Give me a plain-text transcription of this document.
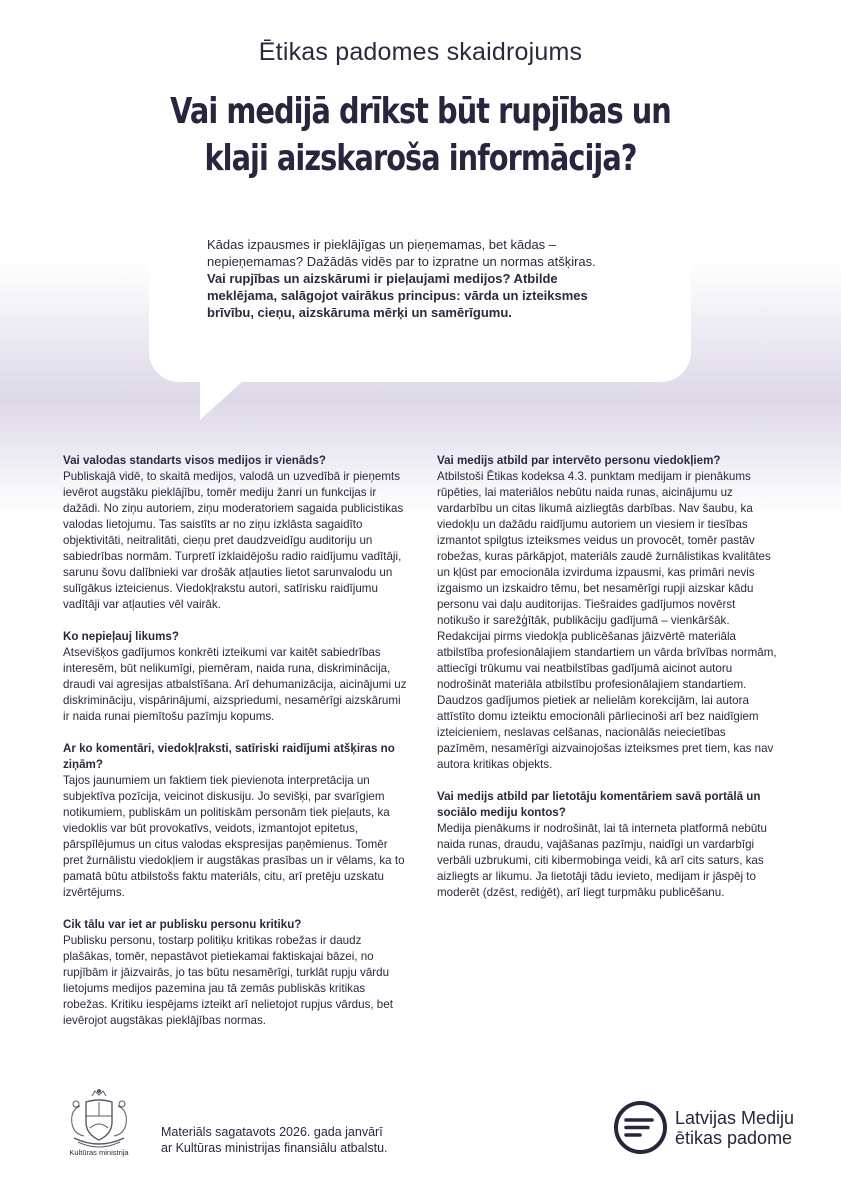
Ētikas padomes skaidrojums
Vai medijā drīkst būt rupjības un klaji aizskaroša informācija?

Kādas izpausmes ir pieklājīgas un pieņemamas, bet kādas – nepieņemamas? Dažādās vidēs par to izpratne un normas atšķiras.

Vai rupjības un aizskārumi ir pieļaujami medijos? Atbilde meklējama, salāgojot vairākus principus: vārda un izteiksmes brīvību, cieņu, aizskāruma mērķi un samērīgumu.

Vai valodas standarts visos medijos ir vienāds?

Publiskajā vidē, to skaitā medijos, valodā un uzvedībā ir pieņemts ievērot augstāku pieklājību, tomēr mediju žanri un funkcijas ir dažādi. No ziņu autoriem, ziņu moderatoriem sagaida publicistikas valodas lietojumu. Tas saistīts ar no ziņu izklāsta sagaidīto objektivitāti, neitralitāti, cieņu pret daudzveidīgu auditoriju un sabiedrības normām. Turpretī izklaidējošu radio raidījumu vadītāji, sarunu šovu dalībnieki var drošāk atļauties lietot sarunvalodu un sulīgākus izteicienus. Viedokļrakstu autori, satīrisku raidījumu vadītāji var atļauties vēl vairāk.

Ko nepieļauj likums?

Atsevišķos gadījumos konkrēti izteikumi var kaitēt sabiedrības interesēm, būt nelikumīgi, piemēram, naida runa, diskriminācija, draudi vai agresijas atbalstīšana. Arī dehumanizācija, aicinājumi uz diskrimināciju, vispārinājumi, aizspriedumi, nesamērīgi aizskārumi ir naida runai piemītošu pazīmju kopums.

Ar ko komentāri, viedokļraksti, satīriski raidījumi atšķiras no ziņām?

Tajos jaunumiem un faktiem tiek pievienota interpretācija un subjektīva pozīcija, veicinot diskusiju. Jo sevišķi, par svarīgiem notikumiem, publiskām un politiskām personām tiek pieļauts, ka viedoklis var būt provokatīvs, veidots, izmantojot epitetus, pārspīlējumus un citus valodas ekspresijas paņēmienus. Tomēr pret žurnālistu viedokļiem ir augstākas prasības un ir vēlams, ka to pamatā būtu atbilstošs faktu materiāls, citu, arī pretēju uzskatu izvērtējums.

Cik tālu var iet ar publisku personu kritiku?

Publisku personu, tostarp politiķu kritikas robežas ir daudz plašākas, tomēr, nepastāvot pietiekamai faktiskajai bāzei, no rupjībām ir jāizvairās, jo tas būtu nesamērīgi, turklāt rupju vārdu lietojums medijos pazemina jau tā zemās publiskās kritikas robežas. Kritiku iespējams izteikt arī nelietojot rupjus vārdus, bet ievērojot augstākas pieklājības normas.

Vai medijs atbild par intervēto personu viedokļiem?

Atbilstoši Ētikas kodeksa 4.3. punktam medijam ir pienākums rūpēties, lai materiālos nebūtu naida runas, aicinājumu uz vardarbību un citas likumā aizliegtās darbības. Nav šaubu, ka viedokļu un dažādu raidījumu autoriem un viesiem ir tiesības izmantot spilgtus izteiksmes veidus un provocēt, tomēr pastāv robežas, kuras pārkāpjot, materiāls zaudē žurnālistikas kvalitātes un kļūst par emocionāla izvirduma izpausmi, kas primāri nevis izgaismo un izskaidro tēmu, bet nesamērīgi rupji aizskar kādu personu vai daļu auditorijas. Tiešraides gadījumos novērst notikušo ir sarežģītāk, publikāciju gadījumā – vienkāršāk. Redakcijai pirms viedokļa publicēšanas jāizvērtē materiāla atbilstība profesionālajiem standartiem un vārda brīvības normām, attiecīgi trūkumu vai neatbilstības gadījumā aicinot autoru nodrošināt materiāla atbilstību profesionālajiem standartiem. Daudzos gadījumos pietiek ar nelielām korekcijām, lai autora attīstīto domu izteiktu emocionāli pārliecinoši arī bez naidīgiem izteicieniem, neslavas celšanas, nacionālās neiecietības pazīmēm, nesamērīgi aizvainojošas izteiksmes pret tiem, kas nav autora kritikas objekts.

Vai medijs atbild par lietotāju komentāriem savā portālā un sociālo mediju kontos?

Medija pienākums ir nodrošināt, lai tā interneta platformā nebūtu naida runas, draudu, vajāšanas pazīmju, naidīgi un vardarbīgi verbāli uzbrukumi, citi kibermobinga veidi, kā arī cits saturs, kas aizliegts ar likumu. Ja lietotāji tādu ievieto, medijam ir jāspēj to moderēt (dzēst, rediģēt), arī liegt turpmāku publicēšanu.

Kultūras ministrija
Materiāls sagatavots 2026. gada janvārī
ar Kultūras ministrijas finansiālu atbalstu.
Latvijas Mediju
ētikas padome
